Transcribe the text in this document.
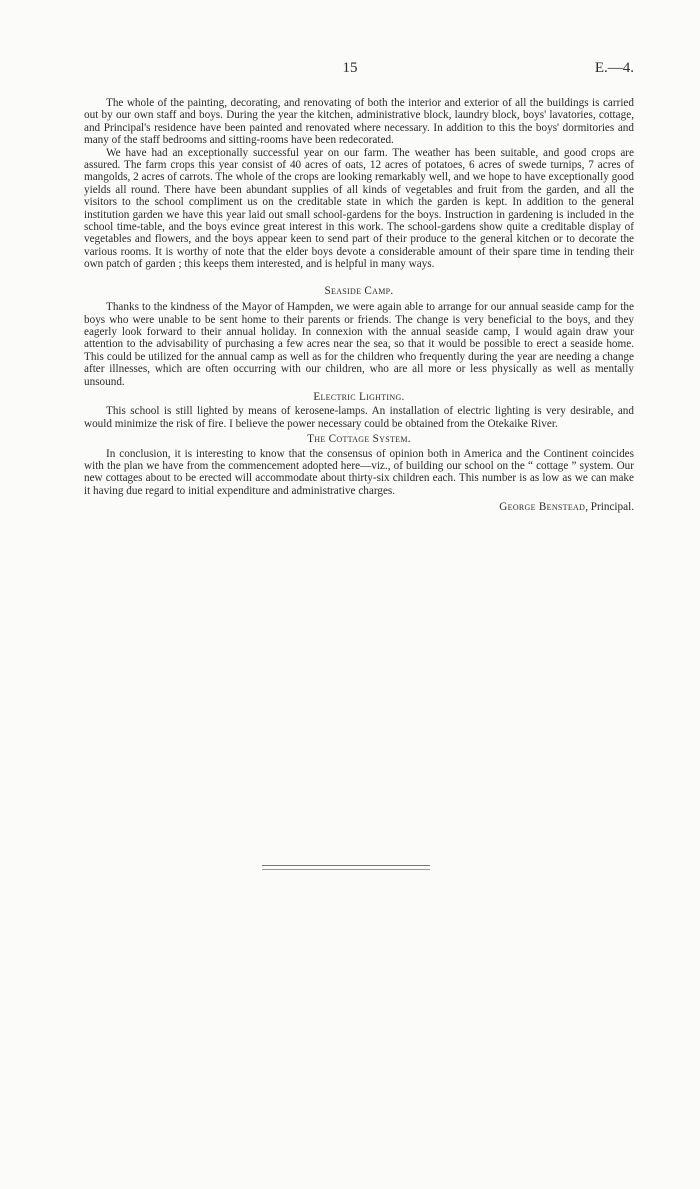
15	E.—4.

The whole of the painting, decorating, and renovating of both the interior and exterior of all the buildings is carried out by our own staff and boys. During the year the kitchen, administrative block, laundry block, boys' lavatories, cottage, and Principal's residence have been painted and renovated where necessary. In addition to this the boys' dormitories and many of the staff bedrooms and sitting-rooms have been redecorated.

We have had an exceptionally successful year on our farm. The weather has been suitable, and good crops are assured. The farm crops this year consist of 40 acres of oats, 12 acres of potatoes, 6 acres of swede turnips, 7 acres of mangolds, 2 acres of carrots. The whole of the crops are looking remarkably well, and we hope to have exceptionally good yields all round. There have been abundant supplies of all kinds of vegetables and fruit from the garden, and all the visitors to the school compliment us on the creditable state in which the garden is kept. In addition to the general institution garden we have this year laid out small school-gardens for the boys. Instruction in gardening is included in the school time-table, and the boys evince great interest in this work. The school-gardens show quite a creditable display of vegetables and flowers, and the boys appear keen to send part of their produce to the general kitchen or to decorate the various rooms. It is worthy of note that the elder boys devote a considerable amount of their spare time in tending their own patch of garden ; this keeps them interested, and is helpful in many ways.

Seaside Camp.

Thanks to the kindness of the Mayor of Hampden, we were again able to arrange for our annual seaside camp for the boys who were unable to be sent home to their parents or friends. The change is very beneficial to the boys, and they eagerly look forward to their annual holiday. In connexion with the annual seaside camp, I would again draw your attention to the advisability of purchasing a few acres near the sea, so that it would be possible to erect a seaside home. This could be utilized for the annual camp as well as for the children who frequently during the year are needing a change after illnesses, which are often occurring with our children, who are all more or less physically as well as mentally unsound.

Electric Lighting.

This school is still lighted by means of kerosene-lamps. An installation of electric lighting is very desirable, and would minimize the risk of fire. I believe the power necessary could be obtained from the Otekaike River.

The Cottage System.

In conclusion, it is interesting to know that the consensus of opinion both in America and the Continent coincides with the plan we have from the commencement adopted here—viz., of building our school on the “ cottage ” system. Our new cottages about to be erected will accommodate about thirty-six children each. This number is as low as we can make it having due regard to initial expenditure and administrative charges.

George Benstead, Principal.
